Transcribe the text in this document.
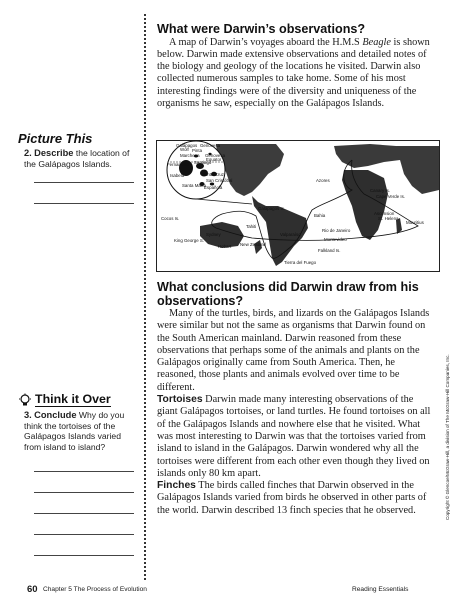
What were Darwin’s observations?

A map of Darwin’s voyages aboard the H.M.S Beagle is shown below. Darwin made extensive observations and detailed notes of the biology and geology of the locations he visited. Darwin also collected numerous samples to take home. Some of his most interesting findings were of the diversity and uniqueness of the organisms he saw, especially on the Galápagos Islands.

Picture This
2. Describe the location of the Galápagos Islands.
Galápagos Genovesa
Wolf Pinta
Marchena Genovesa
Equator
Fernandina Santiago
Isabela	Santa Cruz
San Cristóbal
Santa María
Española
Azores
Canary Is.
Cape Verde Is.
Galápagos Is.
Bahia	Ascension
St. Helena
Mauritius
Cocos Is.
Tahiti
Rio de Janeiro
Valparaíso
Montevideo
Sydney
King George S.
Hobart New Zealand
Falkland Is.
Tierra del Fuego
What conclusions did Darwin draw from his observations?

Many of the turtles, birds, and lizards on the Galápagos Islands were similar but not the same as organisms that Darwin found on the South American mainland. Darwin reasoned from these observations that perhaps some of the animals and plants on the Galápagos originally came from South America. Then, he reasoned, those plants and animals evolved over time to be different.

Tortoises Darwin made many interesting observations of the giant Galápagos tortoises, or land turtles. He found tortoises on all of the Galápagos Islands and nowhere else that he visited. What was most interesting to Darwin was that the tortoises varied from island to island in the Galápagos. Darwin wondered why all the tortoises were different from each other even though they lived on islands only 80 km apart.

Finches The birds called finches that Darwin observed in the Galápagos Islands varied from birds he observed in other parts of the world. Darwin described 13 finch species that he observed.

Think it Over
3. Conclude Why do you think the tortoises of the Galápagos Islands varied from island to island?	Copyright © Glencoe/McGraw-Hill, a division of The McGraw-Hill Companies, Inc.
60 Chapter 5 The Process of Evolution	Reading Essentials
